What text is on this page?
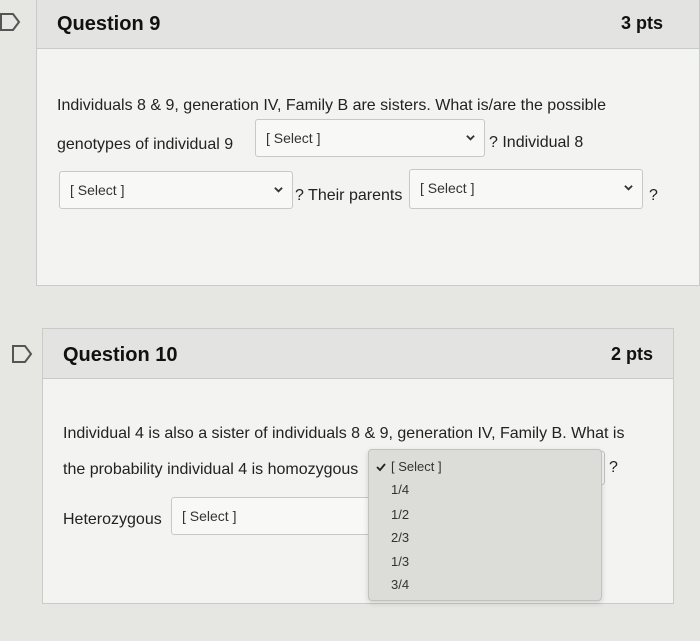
Question 9	3 pts
Individuals 8 & 9, generation IV, Family B are sisters. What is/are the possible
genotypes of individual 9 [ Select ]	? Individual 8
[ Select ]	? Their parents [ Select ]	?
Question 10	2 pts
Individual 4 is also a sister of individuals 8 & 9, generation IV, Family B. What is
the probability individual 4 is homozygous	?
Heterozygous [ Select ]
[ Select ]
1/4
1/2
2/3
1/3
3/4
